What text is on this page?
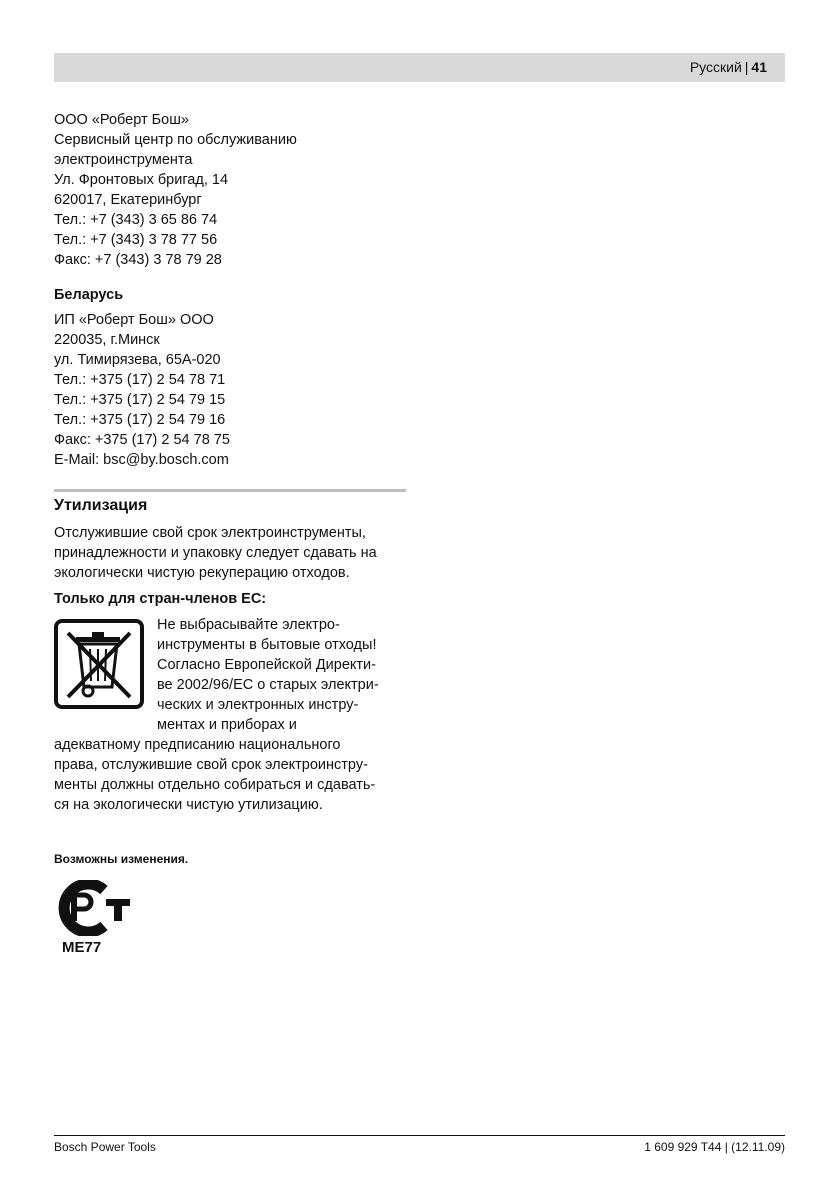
Русский | 41
ООО «Роберт Бош»
Сервисный центр по обслуживанию
электроинструмента
Ул. Фронтовых бригад, 14
620017, Екатеринбург
Тел.: +7 (343) 3 65 86 74
Тел.: +7 (343) 3 78 77 56
Факс: +7 (343) 3 78 79 28
Беларусь
ИП «Роберт Бош» ООО
220035, г.Минск
ул. Тимирязева, 65А-020
Тел.: +375 (17) 2 54 78 71
Тел.: +375 (17) 2 54 79 15
Тел.: +375 (17) 2 54 79 16
Факс: +375 (17) 2 54 78 75
E-Mail: bsc@by.bosch.com
Утилизация
Отслужившие свой срок электроинструменты,
принадлежности и упаковку следует сдавать на
экологически чистую рекуперацию отходов.
Только для стран-членов ЕС:
Не выбрасывайте электро-
инструменты в бытовые отходы!
Согласно Европейской Директи-
ве 2002/96/ЕС о старых электри-
ческих и электронных инстру-
ментах и приборах и
адекватному предписанию национального
права, отслужившие свой срок электроинстру-
менты должны отдельно собираться и сдавать-
ся на экологически чистую утилизацию.
Возможны изменения.
ME77
Bosch Power Tools	1 609 929 T44 | (12.11.09)
